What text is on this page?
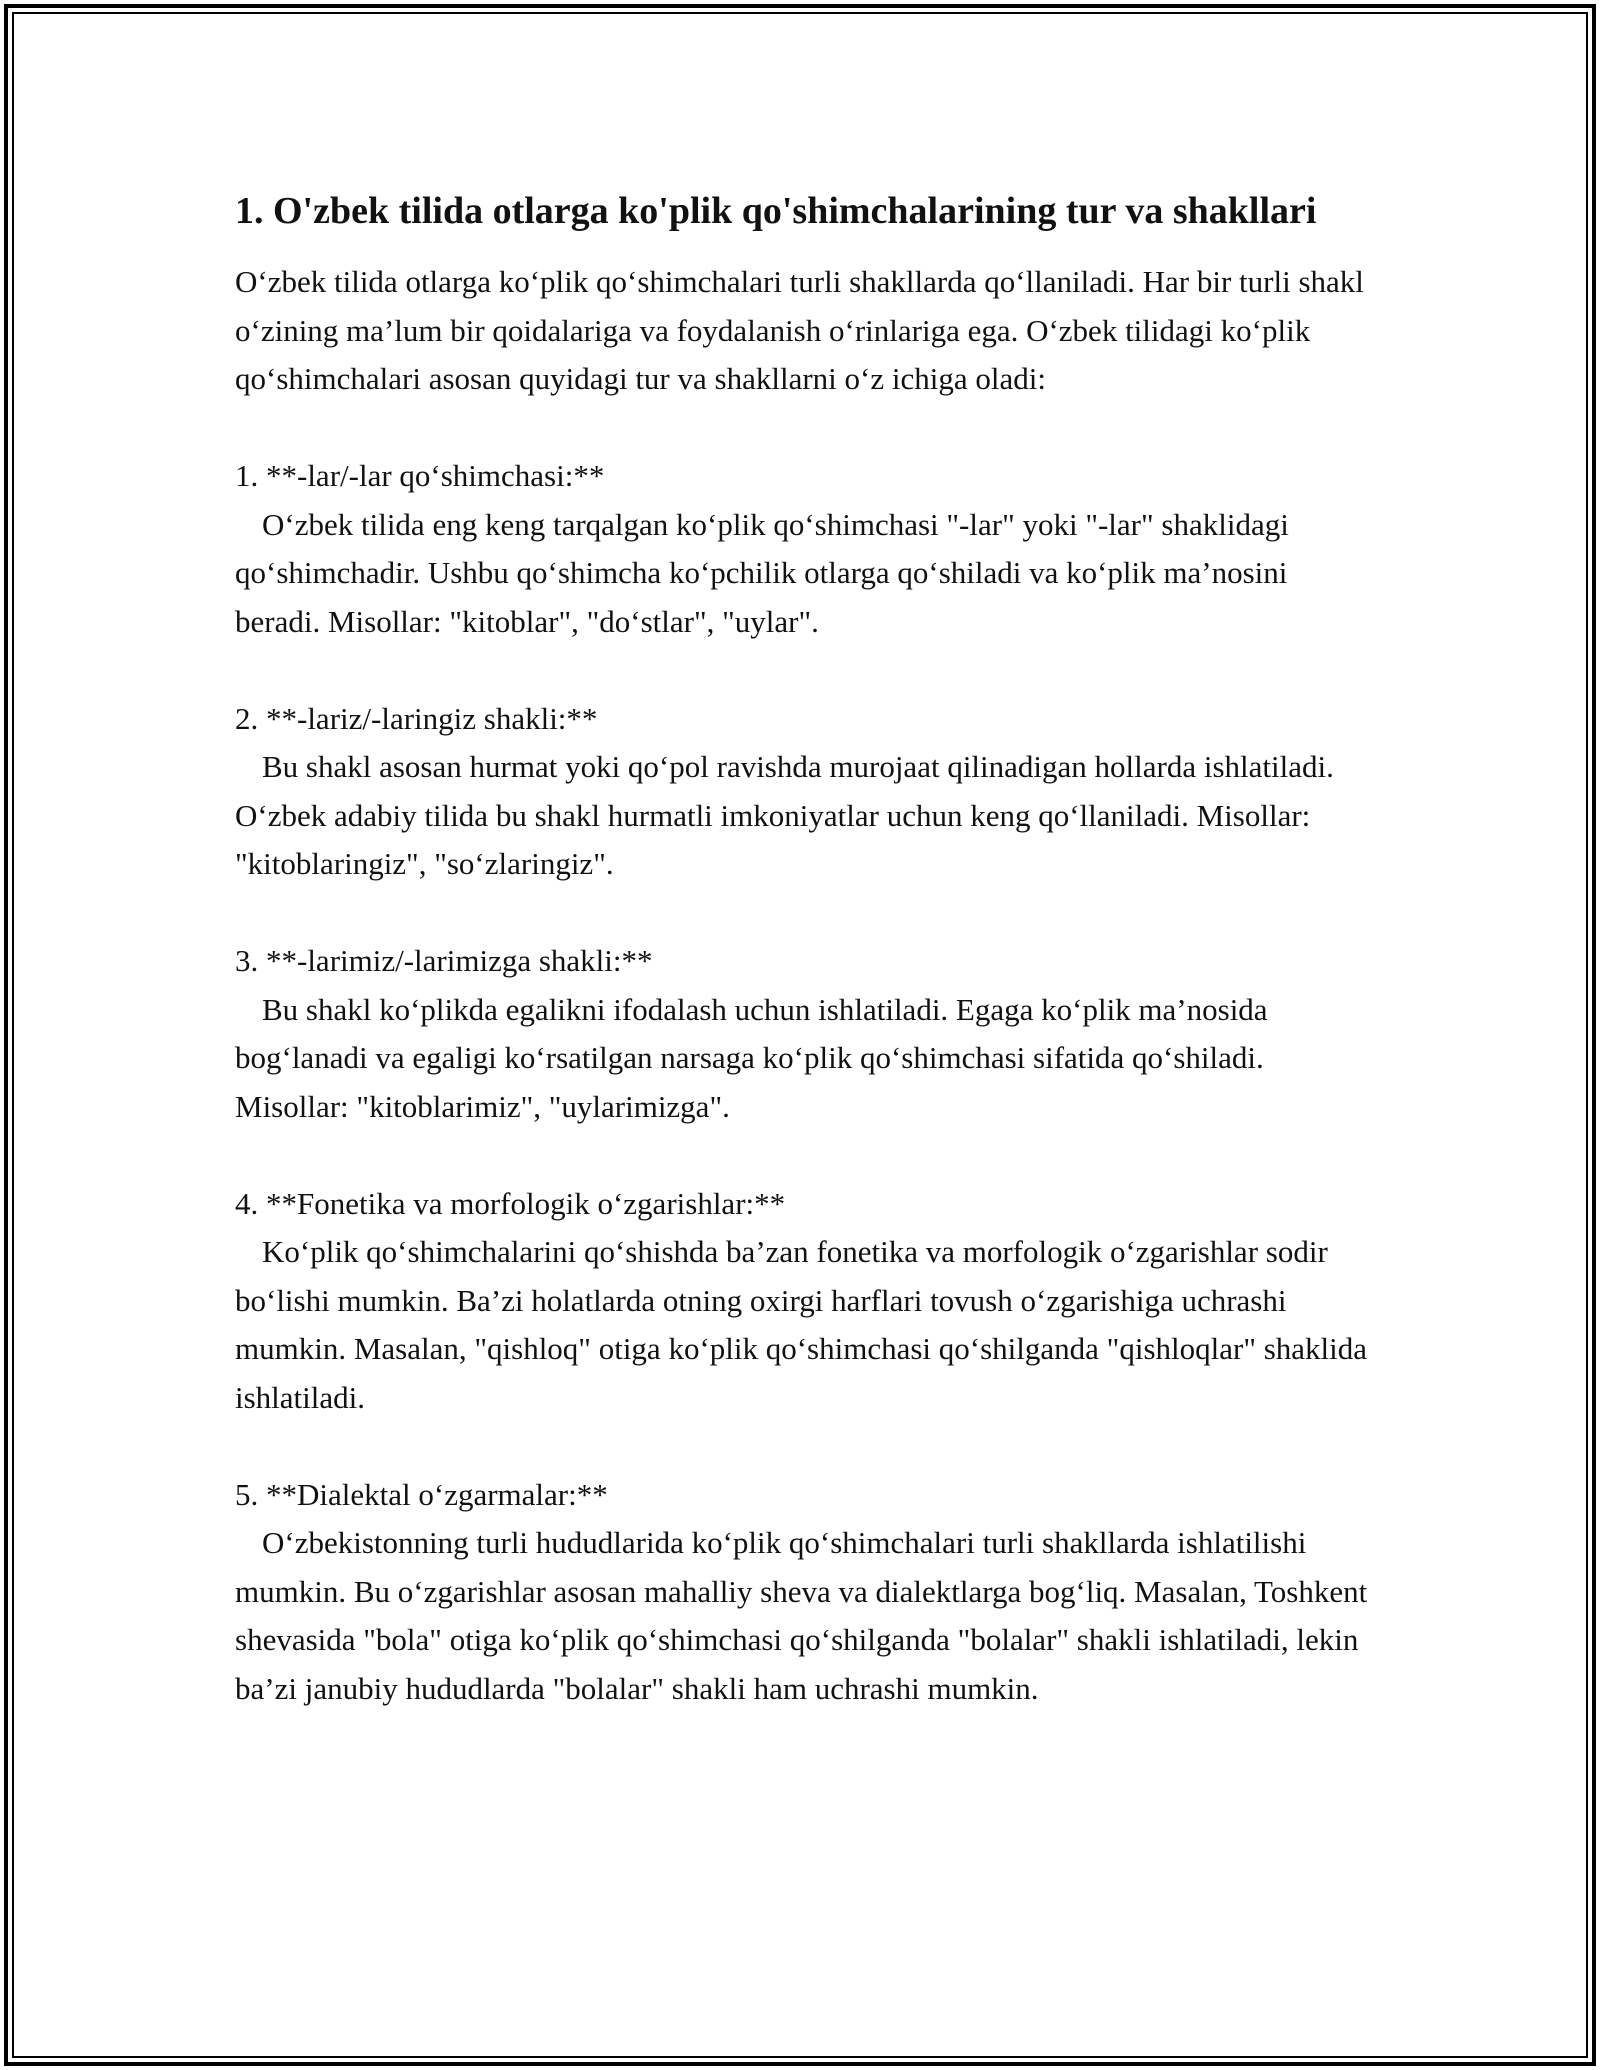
1. O'zbek tilida otlarga ko'plik qo'shimchalarining tur va shakllari

O‘zbek tilida otlarga ko‘plik qo‘shimchalari turli shakllarda qo‘llaniladi. Har bir turli shakl o‘zining ma’lum bir qoidalariga va foydalanish o‘rinlariga ega. O‘zbek tilidagi ko‘plik qo‘shimchalari asosan quyidagi tur va shakllarni o‘z ichiga oladi:

1. **-lar/-lar qo‘shimchasi:**

O‘zbek tilida eng keng tarqalgan ko‘plik qo‘shimchasi "-lar" yoki "-lar" shaklidagi qo‘shimchadir. Ushbu qo‘shimcha ko‘pchilik otlarga qo‘shiladi va ko‘plik ma’nosini beradi. Misollar: "kitoblar", "do‘stlar", "uylar".

2. **-lariz/-laringiz shakli:**

Bu shakl asosan hurmat yoki qo‘pol ravishda murojaat qilinadigan hollarda ishlatiladi. O‘zbek adabiy tilida bu shakl hurmatli imkoniyatlar uchun keng qo‘llaniladi. Misollar: "kitoblaringiz", "so‘zlaringiz".

3. **-larimiz/-larimizga shakli:**

Bu shakl ko‘plikda egalikni ifodalash uchun ishlatiladi. Egaga ko‘plik ma’nosida bog‘lanadi va egaligi ko‘rsatilgan narsaga ko‘plik qo‘shimchasi sifatida qo‘shiladi. Misollar: "kitoblarimiz", "uylarimizga".

4. **Fonetika va morfologik o‘zgarishlar:**

Ko‘plik qo‘shimchalarini qo‘shishda ba’zan fonetika va morfologik o‘zgarishlar sodir bo‘lishi mumkin. Ba’zi holatlarda otning oxirgi harflari tovush o‘zgarishiga uchrashi mumkin. Masalan, "qishloq" otiga ko‘plik qo‘shimchasi qo‘shilganda "qishloqlar" shaklida ishlatiladi.

5. **Dialektal o‘zgarmalar:**

O‘zbekistonning turli hududlarida ko‘plik qo‘shimchalari turli shakllarda ishlatilishi mumkin. Bu o‘zgarishlar asosan mahalliy sheva va dialektlarga bog‘liq. Masalan, Toshkent shevasida "bola" otiga ko‘plik qo‘shimchasi qo‘shilganda "bolalar" shakli ishlatiladi, lekin ba’zi janubiy hududlarda "bolalar" shakli ham uchrashi mumkin.
